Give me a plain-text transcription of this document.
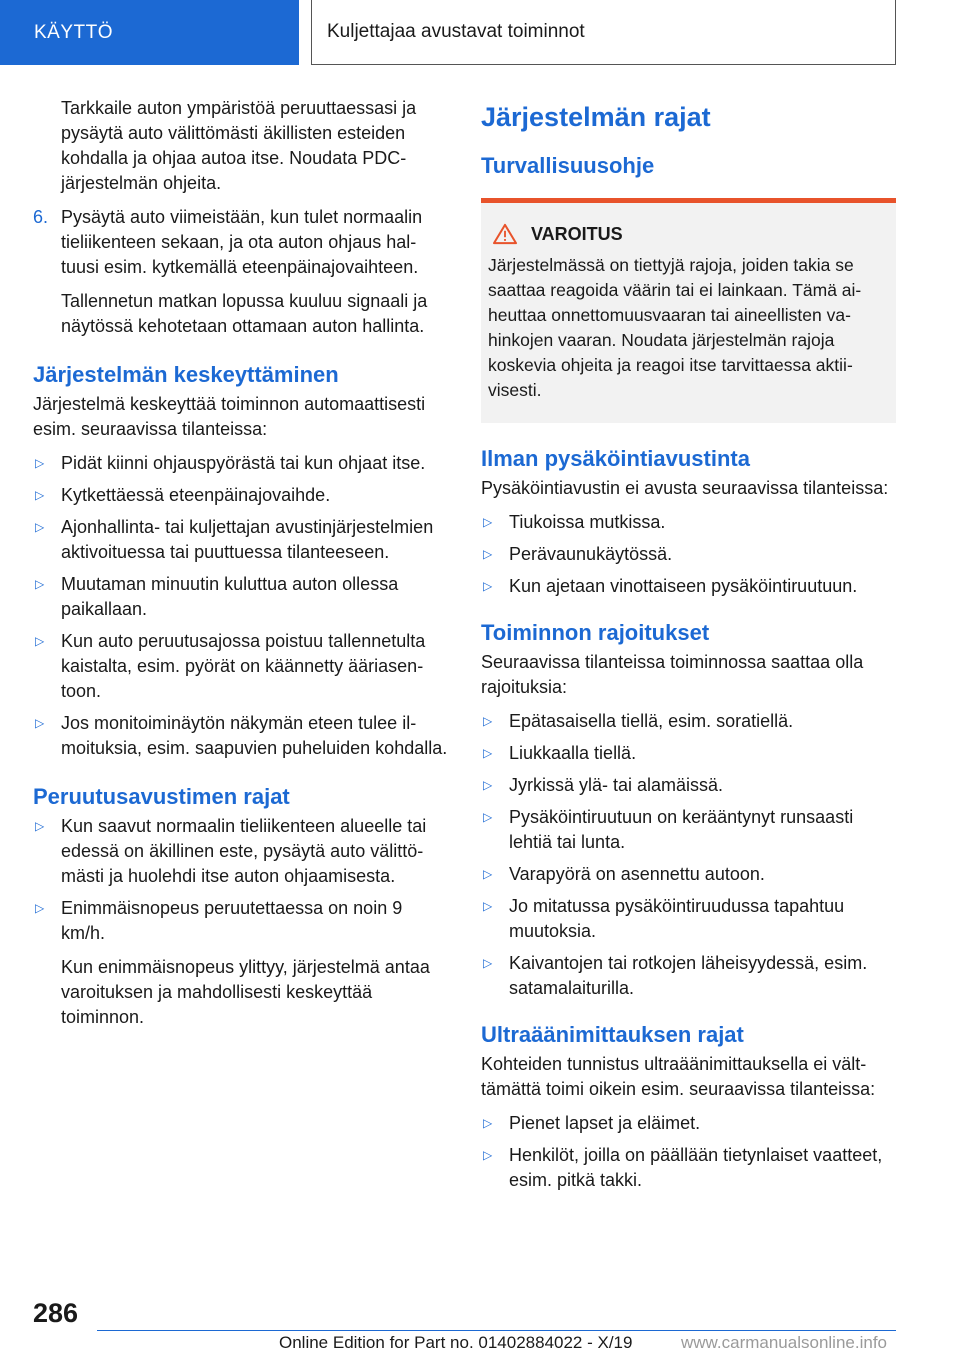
KÄYTTÖ	Kuljettajaa avustavat toiminnot

Tarkkaile auton ympäristöä peruuttaessasi ja pysäytä auto välittömästi äkillisten esteiden kohdalla ja ohjaa autoa itse. Noudata PDC-järjestelmän ohjeita.

6. Pysäytä auto viimeistään, kun tulet normaalin tieliikenteen sekaan, ja ota auton ohjaus haltuusi esim. kytkemällä eteenpäinajovaihteen.

Tallennetun matkan lopussa kuuluu signaali ja näytössä kehotetaan ottamaan auton hallinta.

Järjestelmän keskeyttäminen

Järjestelmä keskeyttää toiminnon automaattisesti esim. seuraavissa tilanteissa:

▷ Pidät kiinni ohjauspyörästä tai kun ohjaat itse.
▷ Kytkettäessä eteenpäinajovaihde.
▷ Ajonhallinta- tai kuljettajan avustinjärjestelmien aktivoituessa tai puuttuessa tilanteeseen.
▷ Muutaman minuutin kuluttua auton ollessa paikallaan.
▷ Kun auto peruutusajossa poistuu tallennetulta kaistalta, esim. pyörät on käännetty ääriasentoon.
▷ Jos monitoiminäytön näkymän eteen tulee ilmoituksia, esim. saapuvien puheluiden kohdalla.
Peruutusavustimen rajat
▷ Kun saavut normaalin tieliikenteen alueelle tai edessä on äkillinen este, pysäytä auto välittömästi ja huolehdi itse auton ohjaamisesta.
▷ Enimmäisnopeus peruutettaessa on noin 9 km/h.

Kun enimmäisnopeus ylittyy, järjestelmä antaa varoituksen ja mahdollisesti keskeyttää toiminnon.

Järjestelmän rajat
Turvallisuusohje
VAROITUS

Järjestelmässä on tiettyjä rajoja, joiden takia se saattaa reagoida väärin tai ei lainkaan. Tämä aiheuttaa onnettomuusvaaran tai aineellisten vahinkojen vaaran. Noudata järjestelmän rajoja koskevia ohjeita ja reagoi itse tarvittaessa aktiivisesti.

Ilman pysäköintiavustinta

Pysäköintiavustin ei avusta seuraavissa tilanteissa:

▷ Tiukoissa mutkissa.
▷ Perävaunukäytössä.
▷ Kun ajetaan vinottaiseen pysäköintiruutuun.
Toiminnon rajoitukset

Seuraavissa tilanteissa toiminnossa saattaa olla rajoituksia:

▷ Epätasaisella tiellä, esim. soratiellä.
▷ Liukkaalla tiellä.
▷ Jyrkissä ylä- tai alamäissä.
▷ Pysäköintiruutuun on kerääntynyt runsaasti lehtiä tai lunta.
▷ Varapyörä on asennettu autoon.
▷ Jo mitatussa pysäköintiruudussa tapahtuu muutoksia.
▷ Kaivantojen tai rotkojen läheisyydessä, esim. satamalaiturilla.
Ultraäänimittauksen rajat

Kohteiden tunnistus ultraäänimittauksella ei välttämättä toimi oikein esim. seuraavissa tilanteissa:

▷ Pienet lapset ja eläimet.
▷ Henkilöt, joilla on päällään tietynlaiset vaatteet, esim. pitkä takki.
286
Online Edition for Part no. 01402884022 - X/19	www.carmanualsonline.info
